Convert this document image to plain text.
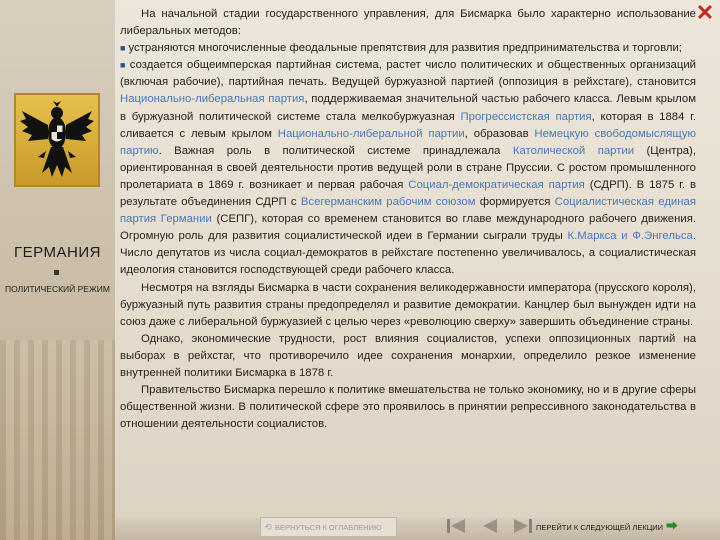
ГЕРМАНИЯ
ПОЛИТИЧЕСКИЙ РЕЖИМ

На начальной стадии государственного управления, для Бисмарка было характерно использование либеральных методов:

■ устраняются многочисленные феодальные препятствия для развития предпринимательства и торговли;

■ создается общеимперская партийная система, растет число политических и общественных организаций (включая рабочие), партийная печать. Ведущей буржуазной партией (оппозиция в рейхстаге), становится Национально-либеральная партия, поддерживаемая значительной частью рабочего класса. Левым крылом в буржуазной политической системе стала мелкобуржуазная Прогрессистская партия, которая в 1884 г. сливается с левым крылом Национально-либеральной партии, образовав Немецкую свободомыслящую партию. Важная роль в политической системе принадлежала Католической партии (Центра), ориентированная в своей деятельности против ведущей роли в стране Пруссии. С ростом промышленного пролетариата в 1869 г. возникает и первая рабочая Социал-демократическая партия (СДРП). В 1875 г. в результате объединения СДРП с Всегерманским рабочим союзом формируется Социалистическая единая партия Германии (СЕПГ), которая со временем становится во главе международного рабочего движения. Огромную роль для развития социалистической идеи в Германии сыграли труды К.Маркса и Ф.Энгельса. Число депутатов из числа социал-демократов в рейхстаге постепенно увеличивалось, а социалистическая идеология становится господствующей среди рабочего класса.

Несмотря на взгляды Бисмарка в части сохранения великодержавности императора (прусского короля), буржуазный путь развития страны предопределял и развитие демократии. Канцлер был вынужден идти на союз даже с либеральной буржуазией с целью через «революцию сверху» завершить объединение страны.

Однако, экономические трудности, рост влияния социалистов, успехи оппозиционных партий на выборах в рейхстаг, что противоречило идее сохранения монархии, определило резкое изменение внутренней политики Бисмарка в 1878 г.

Правительство Бисмарка перешло к политике вмешательства не только экономику, но и в другие сферы общественной жизни. В политической сфере это проявилось в принятии репрессивного законодательства в отношении деятельности социалистов.

✕
⟲ ВЕРНУТЬСЯ К ОГЛАВЛЕНИЮ	ПЕРЕЙТИ К СЛЕДУЮЩЕЙ ЛЕКЦИИ ⮕
